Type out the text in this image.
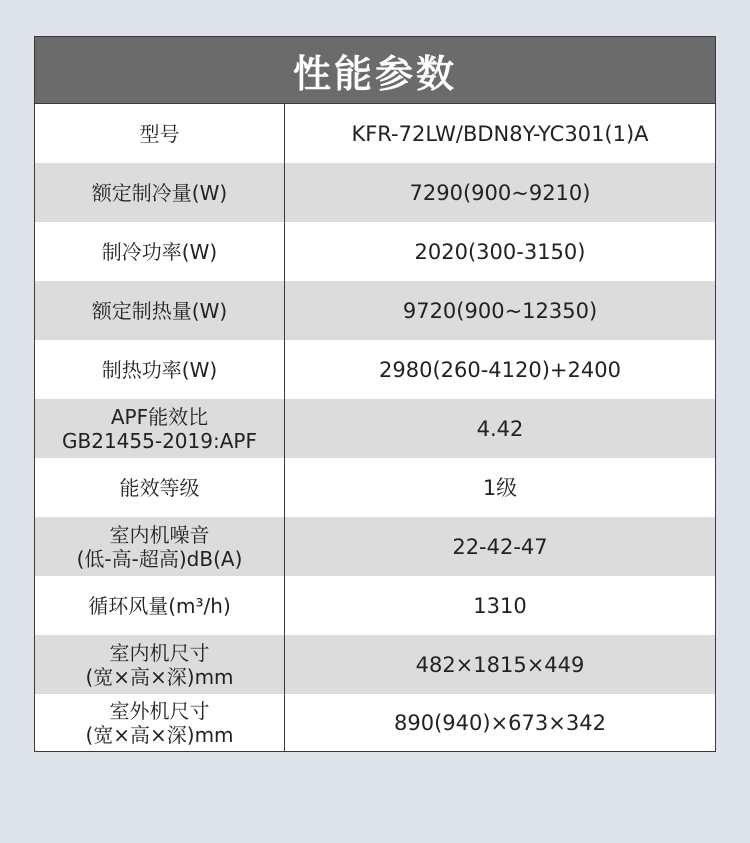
性能参数
型号	KFR-72LW/BDN8Y-YC301(1)A
额定制冷量(W)	7290(900~9210)
制冷功率(W)	2020(300-3150)
额定制热量(W)	9720(900~12350)
制热功率(W)	2980(260-4120)+2400
APF能效比
GB21455-2019:APF	4.42
能效等级	1级
室内机噪音
(低-高-超高)dB(A)	22-42-47
循环风量(m³/h)	1310
室内机尺寸
(宽×高×深)mm	482×1815×449
室外机尺寸
(宽×高×深)mm	890(940)×673×342
